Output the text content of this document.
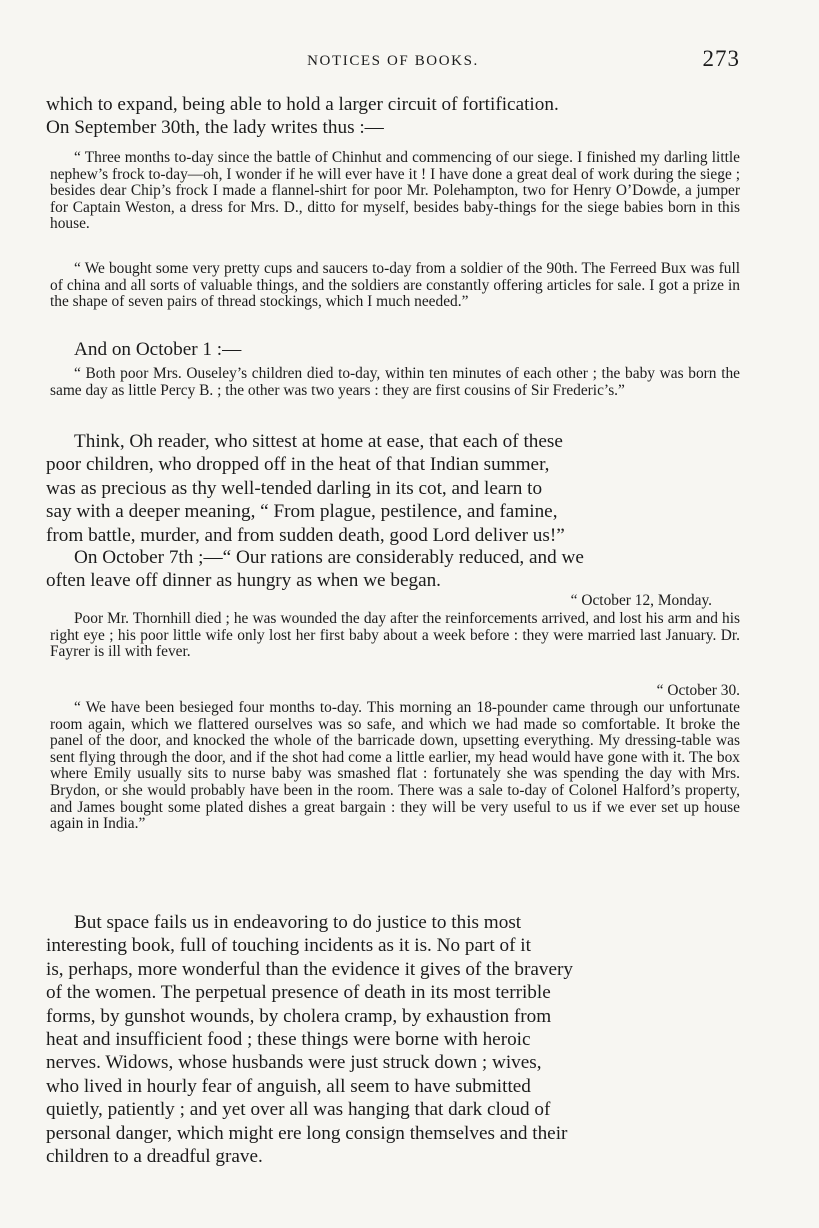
NOTICES OF BOOKS.	273

which to expand, being able to hold a larger circuit of fortification.
On September 30th, the lady writes thus :—

“ Three months to-day since the battle of Chinhut and commencing of our siege. I finished my darling little nephew’s frock to-day—oh, I wonder if he will ever have it ! I have done a great deal of work during the siege ; besides dear Chip’s frock I made a flannel-shirt for poor Mr. Polehampton, two for Henry O’Dowde, a jumper for Captain Weston, a dress for Mrs. D., ditto for myself, besides baby-things for the siege babies born in this house.

“ We bought some very pretty cups and saucers to-day from a soldier of the 90th. The Ferreed Bux was full of china and all sorts of valuable things, and the soldiers are constantly offering articles for sale. I got a prize in the shape of seven pairs of thread stockings, which I much needed.”

And on October 1 :—

“ Both poor Mrs. Ouseley’s children died to-day, within ten minutes of each other ; the baby was born the same day as little Percy B. ; the other was two years : they are first cousins of Sir Frederic’s.”

Think, Oh reader, who sittest at home at ease, that each of these
poor children, who dropped off in the heat of that Indian summer,
was as precious as thy well-tended darling in its cot, and learn to
say with a deeper meaning, “ From plague, pestilence, and famine,
from battle, murder, and from sudden death, good Lord deliver us!”

On October 7th ;—“ Our rations are considerably reduced, and we
often leave off dinner as hungry as when we began.

“ October 12, Monday.

Poor Mr. Thornhill died ; he was wounded the day after the reinforcements arrived, and lost his arm and his right eye ; his poor little wife only lost her first baby about a week before : they were married last January. Dr. Fayrer is ill with fever.

“ October 30.

“ We have been besieged four months to-day. This morning an 18-pounder came through our unfortunate room again, which we flattered ourselves was so safe, and which we had made so comfortable. It broke the panel of the door, and knocked the whole of the barricade down, upsetting everything. My dressing-table was sent flying through the door, and if the shot had come a little earlier, my head would have gone with it. The box where Emily usually sits to nurse baby was smashed flat : fortunately she was spending the day with Mrs. Brydon, or she would probably have been in the room. There was a sale to-day of Colonel Halford’s property, and James bought some plated dishes a great bargain : they will be very useful to us if we ever set up house again in India.”

But space fails us in endeavoring to do justice to this most
interesting book, full of touching incidents as it is. No part of it
is, perhaps, more wonderful than the evidence it gives of the bravery
of the women. The perpetual presence of death in its most terrible
forms, by gunshot wounds, by cholera cramp, by exhaustion from
heat and insufficient food ; these things were borne with heroic
nerves. Widows, whose husbands were just struck down ; wives,
who lived in hourly fear of anguish, all seem to have submitted
quietly, patiently ; and yet over all was hanging that dark cloud of
personal danger, which might ere long consign themselves and their
children to a dreadful grave.
